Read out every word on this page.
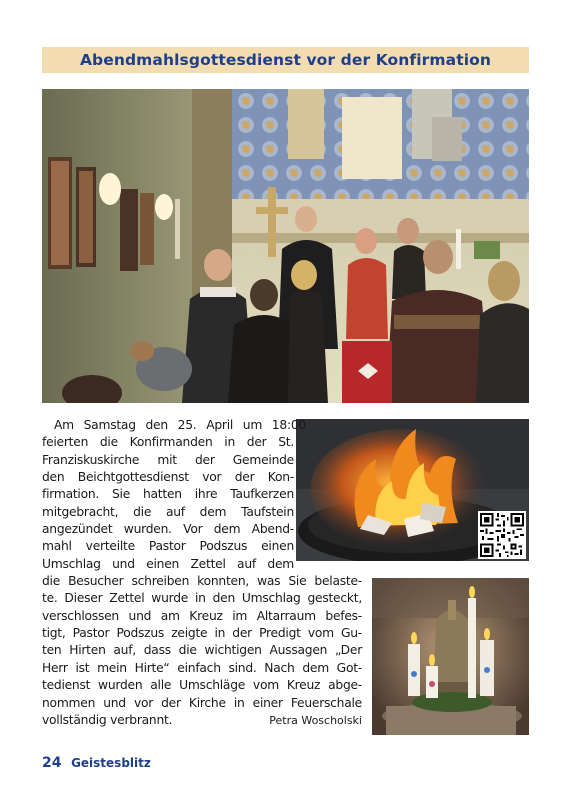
Abendmahlsgottesdienst vor der Konfirmation
Am Samstag den 25. April um 18:00
feierten die Konfirmanden in der St.
Franziskuskirche mit der Gemeinde
den Beichtgottesdienst vor der Kon-
firmation. Sie hatten ihre Taufkerzen
mitgebracht, die auf dem Taufstein
angezündet wurden. Vor dem Abend-
mahl verteilte Pastor Podszus einen
Umschlag und einen Zettel auf dem
die Besucher schreiben konnten, was Sie belaste-
te. Dieser Zettel wurde in den Umschlag gesteckt,
verschlossen und am Kreuz im Altarraum befes-
tigt, Pastor Podszus zeigte in der Predigt vom Gu-
ten Hirten auf, dass die wichtigen Aussagen „Der
Herr ist mein Hirte“ einfach sind. Nach dem Got-
tedienst wurden alle Umschläge vom Kreuz abge-
nommen und vor der Kirche in einer Feuerschale
vollständig verbrannt.	Petra Woscholski
24 Geistesblitz
